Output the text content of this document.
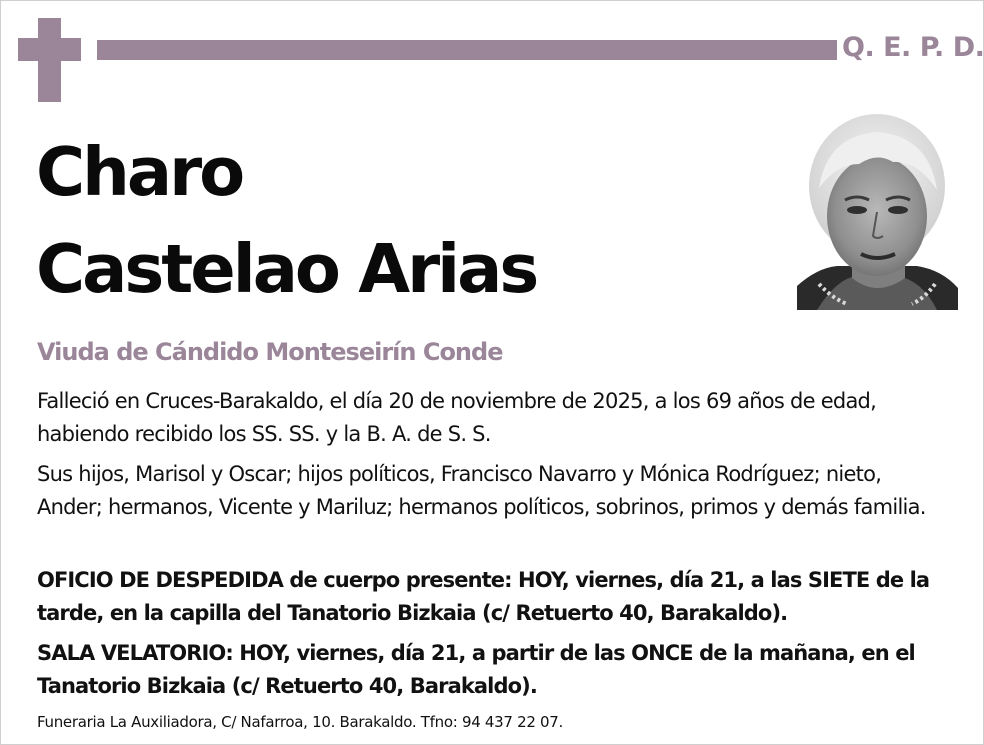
Q. E. P. D.
Charo
Castelao Arias
Viuda de Cándido Monteseirín Conde
Falleció en Cruces-Barakaldo, el día 20 de noviembre de 2025, a los 69 años de edad, habiendo recibido los SS. SS. y la B. A. de S. S.
Sus hijos, Marisol y Oscar; hijos políticos, Francisco Navarro y Mónica Rodríguez; nieto, Ander; hermanos, Vicente y Mariluz; hermanos políticos, sobrinos, primos y demás familia.
OFICIO DE DESPEDIDA de cuerpo presente: HOY, viernes, día 21, a las SIETE de la tarde, en la capilla del Tanatorio Bizkaia (c/ Retuerto 40, Barakaldo).
SALA VELATORIO: HOY, viernes, día 21, a partir de las ONCE de la mañana, en el Tanatorio Bizkaia (c/ Retuerto 40, Barakaldo).
Funeraria La Auxiliadora, C/ Nafarroa, 10. Barakaldo. Tfno: 94 437 22 07.
